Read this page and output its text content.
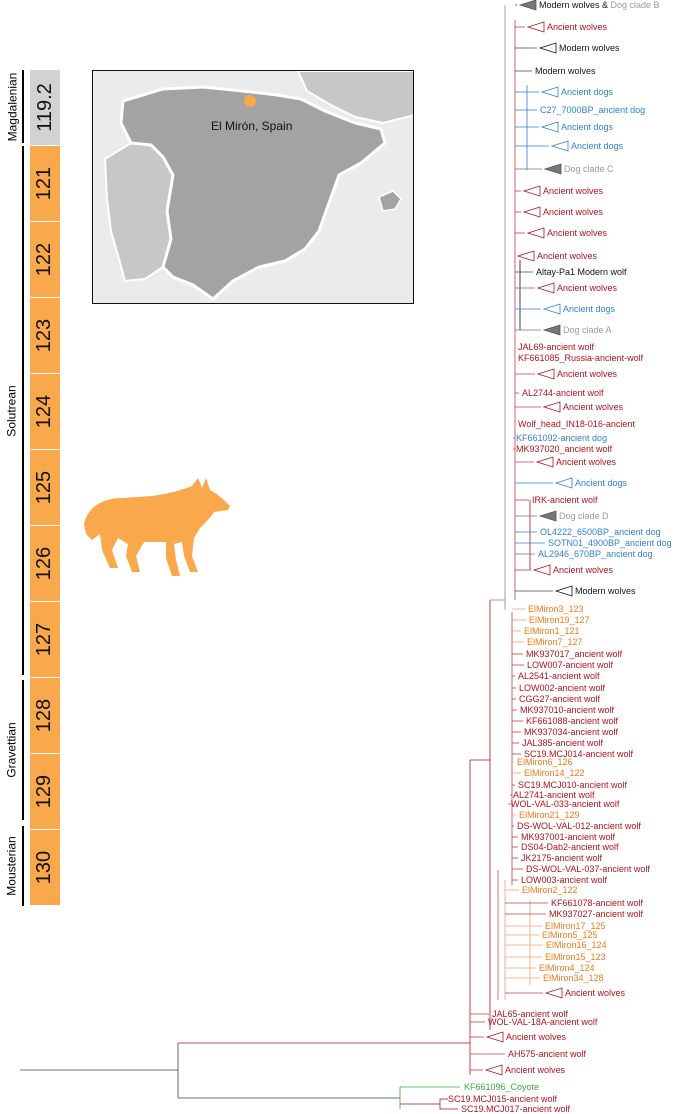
Modern wolves & Dog clade B
Ancient wolves
Modern wolves
Modern wolves
Ancient dogs
C27_7000BP_ancient dog
Ancient dogs
Ancient dogs
Dog clade C
Ancient wolves
Ancient wolves
Ancient wolves
Ancient wolves
Altay-Pa1 Modern wolf
Ancient wolves
Ancient dogs
Dog clade A
JAL69-ancient wolf
KF661085_Russia-ancient-wolf
Ancient wolves
AL2744-ancient wolf
Ancient wolves
Wolf_head_IN18-016-ancient
KF661092-ancient dog
MK937020_ancient wolf
Ancient wolves
Ancient dogs
IRK-ancient wolf
Dog clade D
OL4222_6500BP_ancient dog
SOTN01_4900BP_ancient dog
AL2946_670BP_ancient dog
Ancient wolves
Modern wolves
ElMiron3_123
ElMiron19_127
ElMiron1_121
ElMiron7_127
MK937017_ancient wolf
LOW007-ancient wolf
AL2541-ancient wolf
LOW002-ancient wolf
CGG27-ancient wolf
MK937010-ancient wolf
KF661088-ancient wolf
MK937034-ancient wolf
JAL385-ancient wolf
SC19.MCJ014-ancient wolf
ElMiron6_126
ElMiron14_122
SC19.MCJ010-ancient wolf
AL2741-ancient wolf
WOL-VAL-033-ancient wolf
ElMiron21_129
DS-WOL-VAL-012-ancient wolf
MK937001-ancient wolf
DS04-Dab2-ancient wolf
JK2175-ancient wolf
DS-WOL-VAL-037-ancient wolf
LOW003-ancient wolf
ElMiron2_122
KF661078-ancient wolf
MK937027-ancient wolf
ElMiron17_125
ElMiron5_125
ElMiron16_124
ElMiron15_123
ElMiron4_124
ElMiron34_128
Ancient wolves
JAL65-ancient wolf
WOL-VAL-18A-ancient wolf
Ancient wolves
AH575-ancient wolf
Ancient wolves
KF661096_Coyote
SC19.MCJ015-ancient wolf
SC19.MCJ017-ancient wolf
Magdalenian
Solutrean
Gravettian
Mousterian
119.2
121
122
123
124
125
126
127
128
129
130
El Mirón, Spain
